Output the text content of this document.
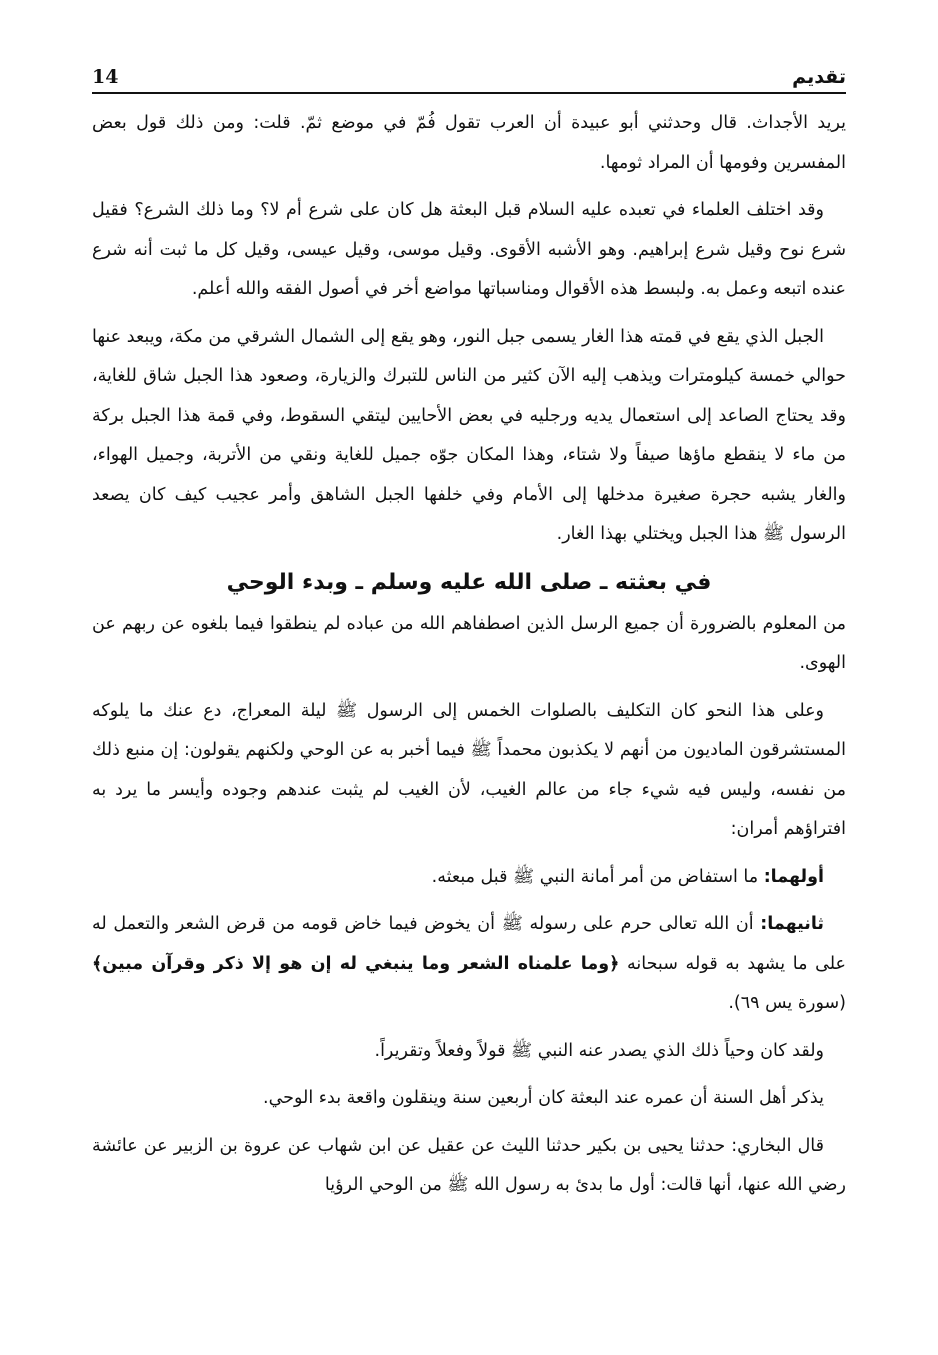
14	تقديم

يريد الأجداث. قال وحدثني أبو عبيدة أن العرب تقول فُمّ في موضع ثمّ. قلت: ومن ذلك قول بعض المفسرين وفومها أن المراد ثومها.

وقد اختلف العلماء في تعبده عليه السلام قبل البعثة هل كان على شرع أم لا؟ وما ذلك الشرع؟ فقيل شرع نوح وقيل شرع إبراهيم. وهو الأشبه الأقوى. وقيل موسى، وقيل عيسى، وقيل كل ما ثبت أنه شرع عنده اتبعه وعمل به. ولبسط هذه الأقوال ومناسباتها مواضع أخر في أصول الفقه والله أعلم.

الجبل الذي يقع في قمته هذا الغار يسمى جبل النور، وهو يقع إلى الشمال الشرقي من مكة، ويبعد عنها حوالي خمسة كيلومترات ويذهب إليه الآن كثير من الناس للتبرك والزيارة، وصعود هذا الجبل شاق للغاية، وقد يحتاج الصاعد إلى استعمال يديه ورجليه في بعض الأحايين ليتقي السقوط، وفي قمة هذا الجبل بركة من ماء لا ينقطع ماؤها صيفاً ولا شتاء، وهذا المكان جوّه جميل للغاية ونقي من الأتربة، وجميل الهواء، والغار يشبه حجرة صغيرة مدخلها إلى الأمام وفي خلفها الجبل الشاهق وأمر عجيب كيف كان يصعد الرسول ﷺ هذا الجبل ويختلي بهذا الغار.

في بعثته ـ صلى الله عليه وسلم ـ وبدء الوحي

من المعلوم بالضرورة أن جميع الرسل الذين اصطفاهم الله من عباده لم ينطقوا فيما بلغوه عن ربهم عن الهوى.

وعلى هذا النحو كان التكليف بالصلوات الخمس إلى الرسول ﷺ ليلة المعراج، دع عنك ما يلوكه المستشرقون الماديون من أنهم لا يكذبون محمداً ﷺ فيما أخبر به عن الوحي ولكنهم يقولون: إن منبع ذلك من نفسه، وليس فيه شيء جاء من عالم الغيب، لأن الغيب لم يثبت عندهم وجوده وأيسر ما يرد به افتراؤهم أمران:

أولهما: ما استفاض من أمر أمانة النبي ﷺ قبل مبعثه.

ثانيهما: أن الله تعالى حرم على رسوله ﷺ أن يخوض فيما خاض قومه من قرض الشعر والتعمل له على ما يشهد به قوله سبحانه ﴿وما علمناه الشعر وما ينبغي له إن هو إلا ذكر وقرآن مبين﴾ (سورة يس ٦٩).

ولقد كان وحياً ذلك الذي يصدر عنه النبي ﷺ قولاً وفعلاً وتقريراً.

يذكر أهل السنة أن عمره عند البعثة كان أربعين سنة وينقلون واقعة بدء الوحي.

قال البخاري: حدثنا يحيى بن بكير حدثنا الليث عن عقيل عن ابن شهاب عن عروة بن الزبير عن عائشة رضي الله عنها، أنها قالت: أول ما بدئ به رسول الله ﷺ من الوحي الرؤيا
